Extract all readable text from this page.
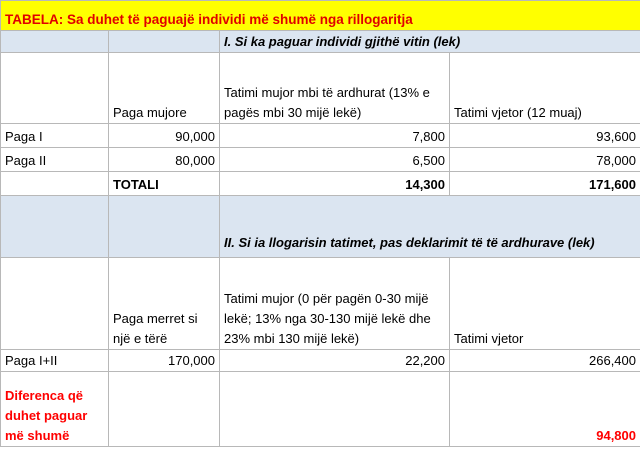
TABELA: Sa duhet të paguajë individi më shumë nga rillogaritja			
		I. Si ka paguar individi gjithë vitin (lek)	
	Paga mujore	Tatimi mujor mbi të ardhurat (13% e pagës mbi 30 mijë lekë)	Tatimi vjetor (12 muaj)
Paga I	90,000	7,800	93,600
Paga II	80,000	6,500	78,000
	TOTALI	14,300	171,600
		II. Si ia llogarisin tatimet, pas deklarimit të të ardhurave (lek)	
	Paga merret si një e tërë	Tatimi mujor (0 për pagën 0-30 mijë lekë; 13% nga 30-130 mijë lekë dhe 23% mbi 130 mijë lekë)	Tatimi vjetor
Paga I+II	170,000	22,200	266,400
Diferenca që duhet paguar më shumë			94,800
